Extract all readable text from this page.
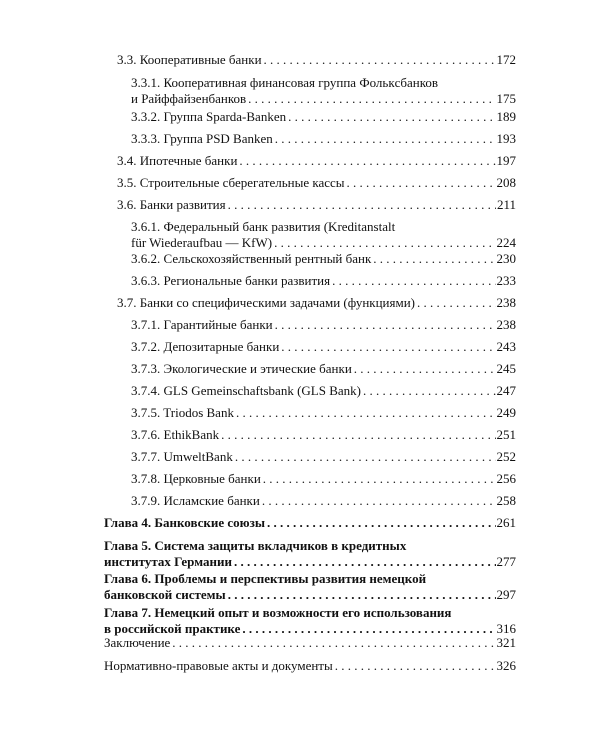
3.3. Кооперативные банки . . .	172
3.3.1. Кооперативная финансовая группа Фолькcбанков
и Райффайзенбанков . . .	175
3.3.2. Группа Sparda-Banken . . .	189
3.3.3. Группа PSD Banken . . .	193
3.4. Ипотечные банки . . .	197
3.5. Строительные сберегательные кассы . . .	208
3.6. Банки развития . . .	211
3.6.1. Федеральный банк развития (Kreditanstalt
für Wiederaufbau — KfW) . . .	224
3.6.2. Сельскохозяйственный рентный банк . . .	230
3.6.3. Региональные банки развития . . .	233
3.7. Банки со специфическими задачами (функциями) . . .	238
3.7.1. Гарантийные банки . . .	238
3.7.2. Депозитарные банки . . .	243
3.7.3. Экологические и этические банки . . .	245
3.7.4. GLS Gemeinschaftsbank (GLS Bank) . . .	247
3.7.5. Triodos Bank . . .	249
3.7.6. EthikBank . . .	251
3.7.7. UmweltBank . . .	252
3.7.8. Церковные банки . . .	256
3.7.9. Исламские банки . . .	258
Глава 4. Банковские союзы . . .	261
Глава 5. Система защиты вкладчиков в кредитных
институтах Германии . . .	277
Глава 6. Проблемы и перспективы развития немецкой
банковской системы . . .	297
Глава 7. Немецкий опыт и возможности его использования
в российской практике . . .	316
Заключение . . .	321
Нормативно-правовые акты и документы . . .	326
